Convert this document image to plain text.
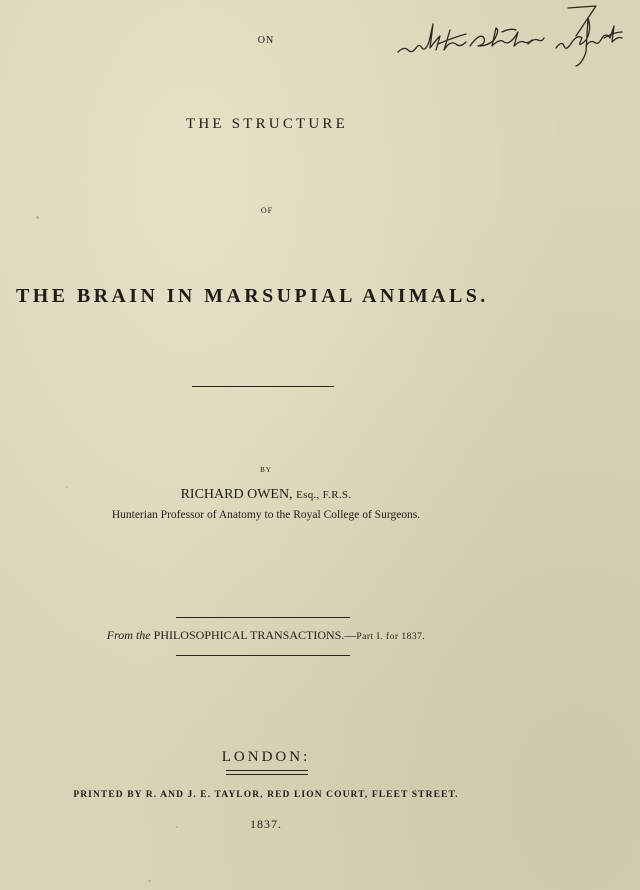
ON
THE STRUCTURE
OF
THE BRAIN IN MARSUPIAL ANIMALS.
BY
RICHARD OWEN, Esq., F.R.S.
Hunterian Professor of Anatomy to the Royal College of Surgeons.
From the PHILOSOPHICAL TRANSACTIONS.—Part I. for 1837.
LONDON:
PRINTED BY R. AND J. E. TAYLOR, RED LION COURT, FLEET STREET.
1837.
